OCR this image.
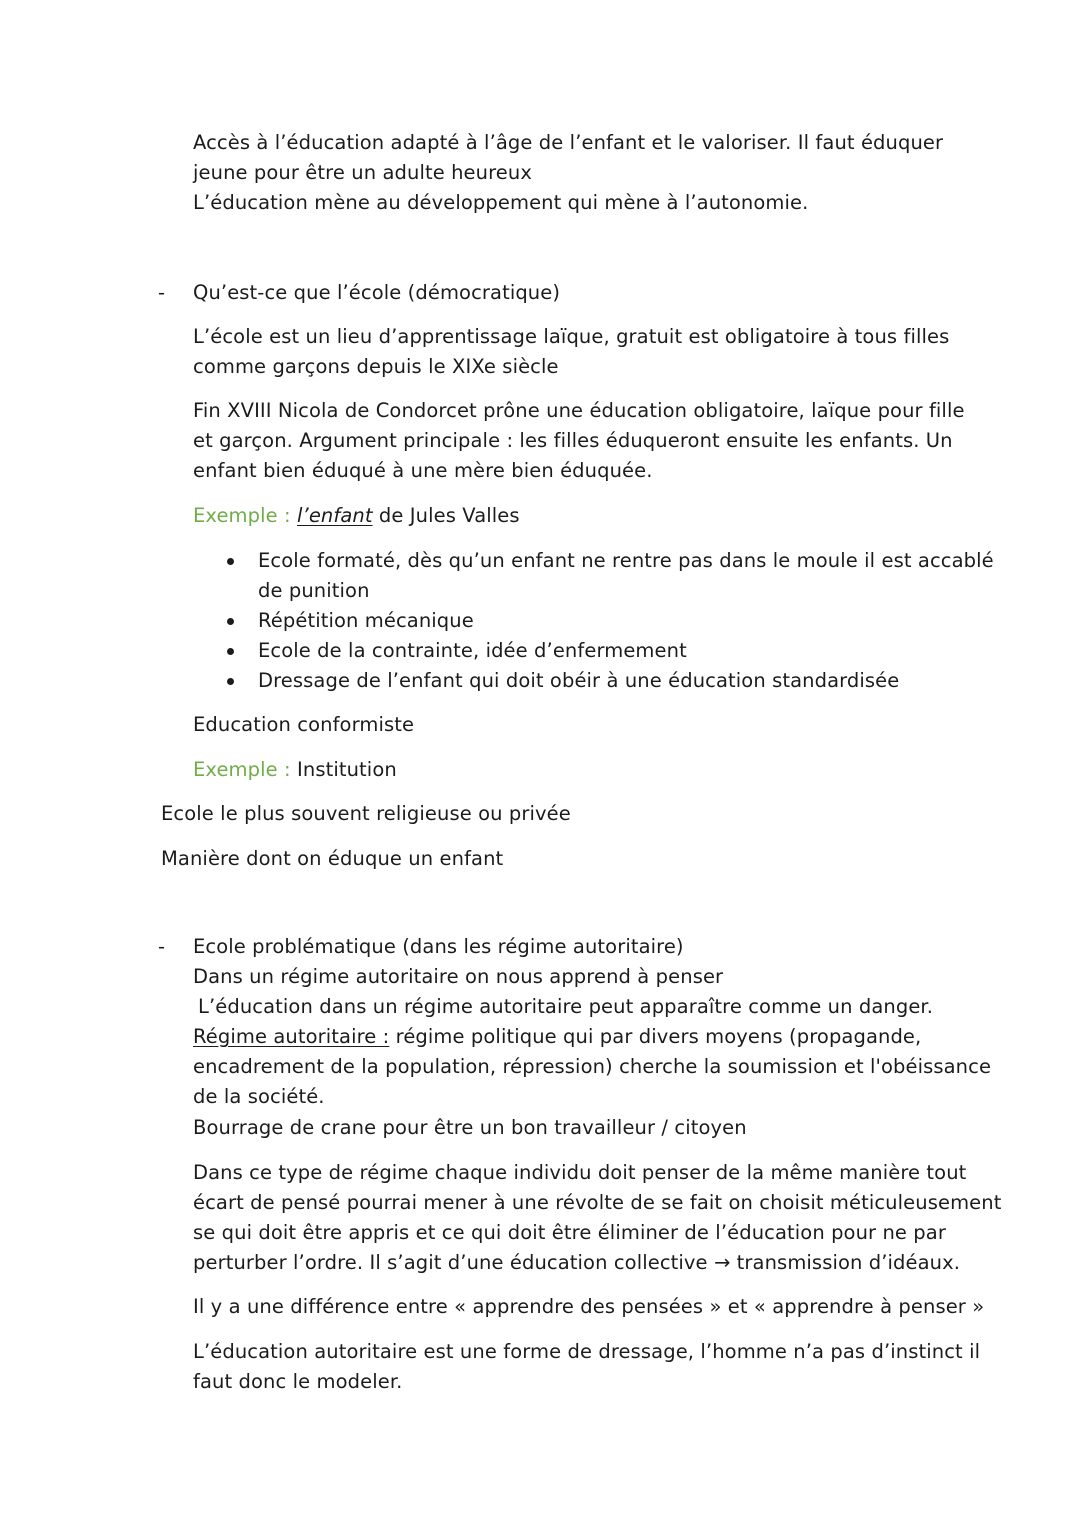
Accès à l’éducation adapté à l’âge de l’enfant et le valoriser. Il faut éduquer
jeune pour être un adulte heureux
L’éducation mène au développement qui mène à l’autonomie.
- Qu’est-ce que l’école (démocratique)
L’école est un lieu d’apprentissage laïque, gratuit est obligatoire à tous filles
comme garçons depuis le XIXe siècle
Fin XVIII Nicola de Condorcet prône une éducation obligatoire, laïque pour fille
et garçon. Argument principale : les filles éduqueront ensuite les enfants. Un
enfant bien éduqué à une mère bien éduquée.
Exemple : l’enfant de Jules Valles
Ecole formaté, dès qu’un enfant ne rentre pas dans le moule il est accablé
de punition
Répétition mécanique
Ecole de la contrainte, idée d’enfermement
Dressage de l’enfant qui doit obéir à une éducation standardisée
Education conformiste
Exemple : Institution
Ecole le plus souvent religieuse ou privée
Manière dont on éduque un enfant
- Ecole problématique (dans les régime autoritaire)
Dans un régime autoritaire on nous apprend à penser
L’éducation dans un régime autoritaire peut apparaître comme un danger.
Régime autoritaire : régime politique qui par divers moyens (propagande,
encadrement de la population, répression) cherche la soumission et l'obéissance
de la société.
Bourrage de crane pour être un bon travailleur / citoyen
Dans ce type de régime chaque individu doit penser de la même manière tout
écart de pensé pourrai mener à une révolte de se fait on choisit méticuleusement
se qui doit être appris et ce qui doit être éliminer de l’éducation pour ne par
perturber l’ordre. Il s’agit d’une éducation collective → transmission d’idéaux.
Il y a une différence entre « apprendre des pensées » et « apprendre à penser »
L’éducation autoritaire est une forme de dressage, l’homme n’a pas d’instinct il
faut donc le modeler.
